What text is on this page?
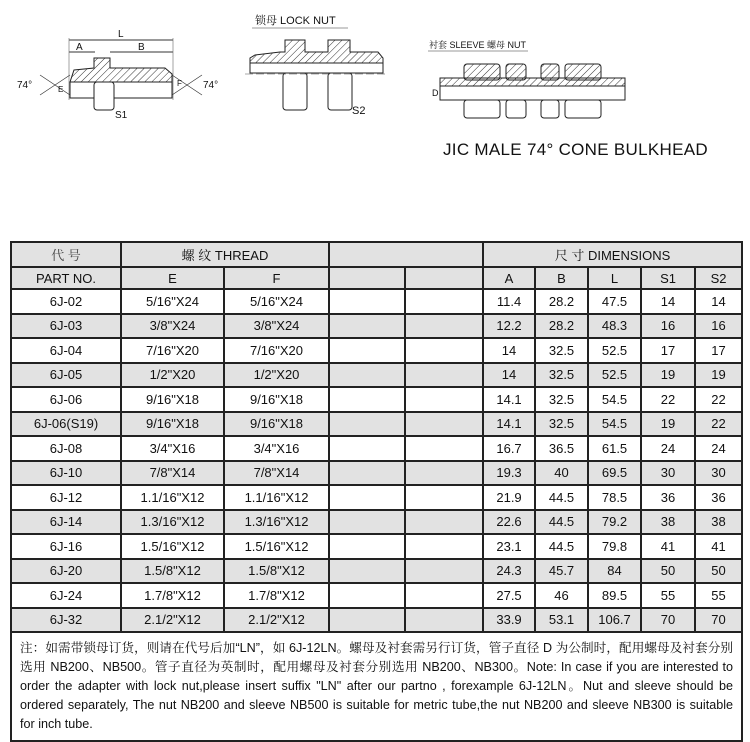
L
A	B
74°	74°
E
F
S1
锁母 LOCK NUT
S2
衬套 SLEEVE 螺母 NUT
D
JIC MALE 74° CONE BULKHEAD
代 号	螺 纹 THREAD				尺 寸 DIMENSIONS				
PART NO.	E	F			A	B	L	S1	S2
6J-02	5/16"X24	5/16"X24			11.4	28.2	47.5	14	14
6J-03	3/8"X24	3/8"X24			12.2	28.2	48.3	16	16
6J-04	7/16"X20	7/16"X20			14	32.5	52.5	17	17
6J-05	1/2"X20	1/2"X20			14	32.5	52.5	19	19
6J-06	9/16"X18	9/16"X18			14.1	32.5	54.5	22	22
6J-06(S19)	9/16"X18	9/16"X18			14.1	32.5	54.5	19	22
6J-08	3/4"X16	3/4"X16			16.7	36.5	61.5	24	24
6J-10	7/8"X14	7/8"X14			19.3	40	69.5	30	30
6J-12	1.1/16"X12	1.1/16"X12			21.9	44.5	78.5	36	36
6J-14	1.3/16"X12	1.3/16"X12			22.6	44.5	79.2	38	38
6J-16	1.5/16"X12	1.5/16"X12			23.1	44.5	79.8	41	41
6J-20	1.5/8"X12	1.5/8"X12			24.3	45.7	84	50	50
6J-24	1.7/8"X12	1.7/8"X12			27.5	46	89.5	55	55
6J-32	2.1/2"X12	2.1/2"X12			33.9	53.1	106.7	70	70
注：如需带锁母订货，则请在代号后加“LN”，如 6J-12LN。螺母及衬套需另行订货，管子直径 D 为公制时，配用螺母及衬套分别选用 NB200、NB500。管子直径为英制时，配用螺母及衬套分别选用 NB200、NB300。Note: In case if you are interested to order the adapter with lock nut,please insert suffix "LN" after our partno , forexample 6J-12LN。Nut and sleeve should be ordered separately, The nut NB200 and sleeve NB500 is suitable for metric tube,the nut NB200 and sleeve NB300 is suitable for inch tube.									
